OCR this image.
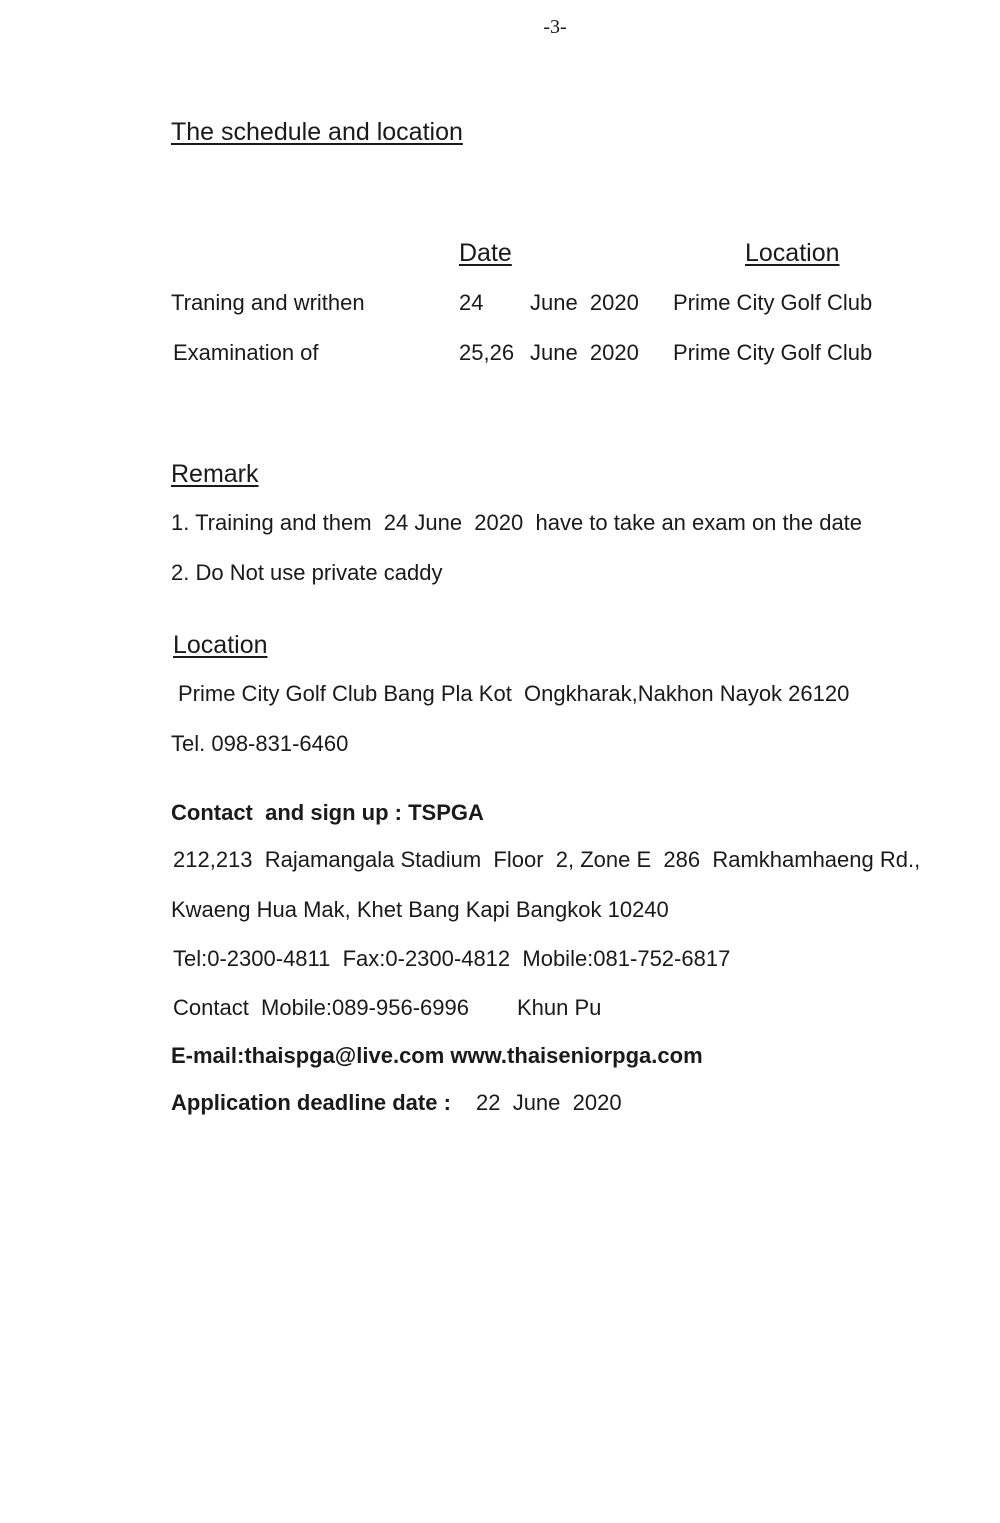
-3-
The schedule and location
Date	Location
Traning and writhen	24 June  2020 Prime City Golf Club
Examination of	25,26 June  2020 Prime City Golf Club
Remark
1. Training and them  24 June  2020  have to take an exam on the date
2. Do Not use private caddy
Location
Prime City Golf Club Bang Pla Kot  Ongkharak,Nakhon Nayok 26120
Tel. 098-831-6460
Contact  and sign up : TSPGA
212,213  Rajamangala Stadium  Floor  2, Zone E  286  Ramkhamhaeng Rd.,
Kwaeng Hua Mak, Khet Bang Kapi Bangkok 10240
Tel:0-2300-4811  Fax:0-2300-4812  Mobile:081-752-6817
Contact  Mobile:089-956-6996 Khun Pu
E-mail:thaispga@live.com www.thaiseniorpga.com
Application deadline date : 22  June  2020
